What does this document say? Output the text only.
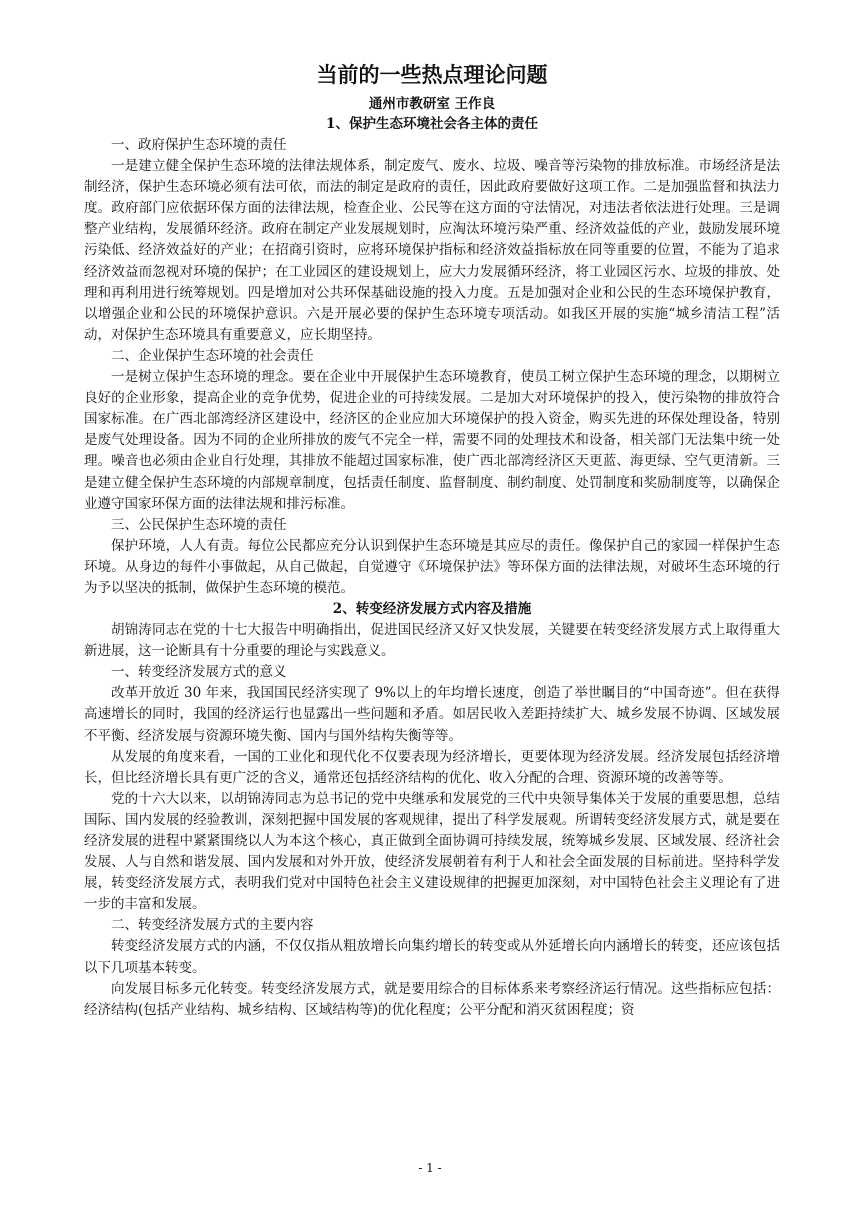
当前的一些热点理论问题
通州市教研室 王作良
1、保护生态环境社会各主体的责任

一、政府保护生态环境的责任

一是建立健全保护生态环境的法律法规体系，制定废气、废水、垃圾、噪音等污染物的排放标准。市场经济是法制经济，保护生态环境必须有法可依，而法的制定是政府的责任，因此政府要做好这项工作。二是加强监督和执法力度。政府部门应依据环保方面的法律法规，检查企业、公民等在这方面的守法情况，对违法者依法进行处理。三是调整产业结构，发展循环经济。政府在制定产业发展规划时，应淘汰环境污染严重、经济效益低的产业，鼓励发展环境污染低、经济效益好的产业；在招商引资时，应将环境保护指标和经济效益指标放在同等重要的位置，不能为了追求经济效益而忽视对环境的保护；在工业园区的建设规划上，应大力发展循环经济，将工业园区污水、垃圾的排放、处理和再利用进行统筹规划。四是增加对公共环保基础设施的投入力度。五是加强对企业和公民的生态环境保护教育，以增强企业和公民的环境保护意识。六是开展必要的保护生态环境专项活动。如我区开展的实施“城乡清洁工程”活动，对保护生态环境具有重要意义，应长期坚持。

二、企业保护生态环境的社会责任

一是树立保护生态环境的理念。要在企业中开展保护生态环境教育，使员工树立保护生态环境的理念，以期树立良好的企业形象，提高企业的竞争优势，促进企业的可持续发展。二是加大对环境保护的投入，使污染物的排放符合国家标准。在广西北部湾经济区建设中，经济区的企业应加大环境保护的投入资金，购买先进的环保处理设备，特别是废气处理设备。因为不同的企业所排放的废气不完全一样，需要不同的处理技术和设备，相关部门无法集中统一处理。噪音也必须由企业自行处理，其排放不能超过国家标准，使广西北部湾经济区天更蓝、海更绿、空气更清新。三是建立健全保护生态环境的内部规章制度，包括责任制度、监督制度、制约制度、处罚制度和奖励制度等，以确保企业遵守国家环保方面的法律法规和排污标准。

三、公民保护生态环境的责任

保护环境，人人有责。每位公民都应充分认识到保护生态环境是其应尽的责任。像保护自己的家园一样保护生态环境。从身边的每件小事做起，从自己做起，自觉遵守《环境保护法》等环保方面的法律法规，对破坏生态环境的行为予以坚决的抵制，做保护生态环境的模范。

2、转变经济发展方式内容及措施

胡锦涛同志在党的十七大报告中明确指出，促进国民经济又好又快发展，关键要在转变经济发展方式上取得重大新进展，这一论断具有十分重要的理论与实践意义。

一、转变经济发展方式的意义

改革开放近 30 年来，我国国民经济实现了 9%以上的年均增长速度，创造了举世瞩目的“中国奇迹”。但在获得高速增长的同时，我国的经济运行也显露出一些问题和矛盾。如居民收入差距持续扩大、城乡发展不协调、区域发展不平衡、经济发展与资源环境失衡、国内与国外结构失衡等等。

从发展的角度来看，一国的工业化和现代化不仅要表现为经济增长，更要体现为经济发展。经济发展包括经济增长，但比经济增长具有更广泛的含义，通常还包括经济结构的优化、收入分配的合理、资源环境的改善等等。

党的十六大以来，以胡锦涛同志为总书记的党中央继承和发展党的三代中央领导集体关于发展的重要思想，总结国际、国内发展的经验教训，深刻把握中国发展的客观规律，提出了科学发展观。所谓转变经济发展方式，就是要在经济发展的进程中紧紧围绕以人为本这个核心，真正做到全面协调可持续发展，统筹城乡发展、区域发展、经济社会发展、人与自然和谐发展、国内发展和对外开放，使经济发展朝着有利于人和社会全面发展的目标前进。坚持科学发展，转变经济发展方式，表明我们党对中国特色社会主义建设规律的把握更加深刻，对中国特色社会主义理论有了进一步的丰富和发展。

二、转变经济发展方式的主要内容

转变经济发展方式的内涵，不仅仅指从粗放增长向集约增长的转变或从外延增长向内涵增长的转变，还应该包括以下几项基本转变。

向发展目标多元化转变。转变经济发展方式，就是要用综合的目标体系来考察经济运行情况。这些指标应包括：经济结构(包括产业结构、城乡结构、区域结构等)的优化程度；公平分配和消灭贫困程度；资

- 1 -
